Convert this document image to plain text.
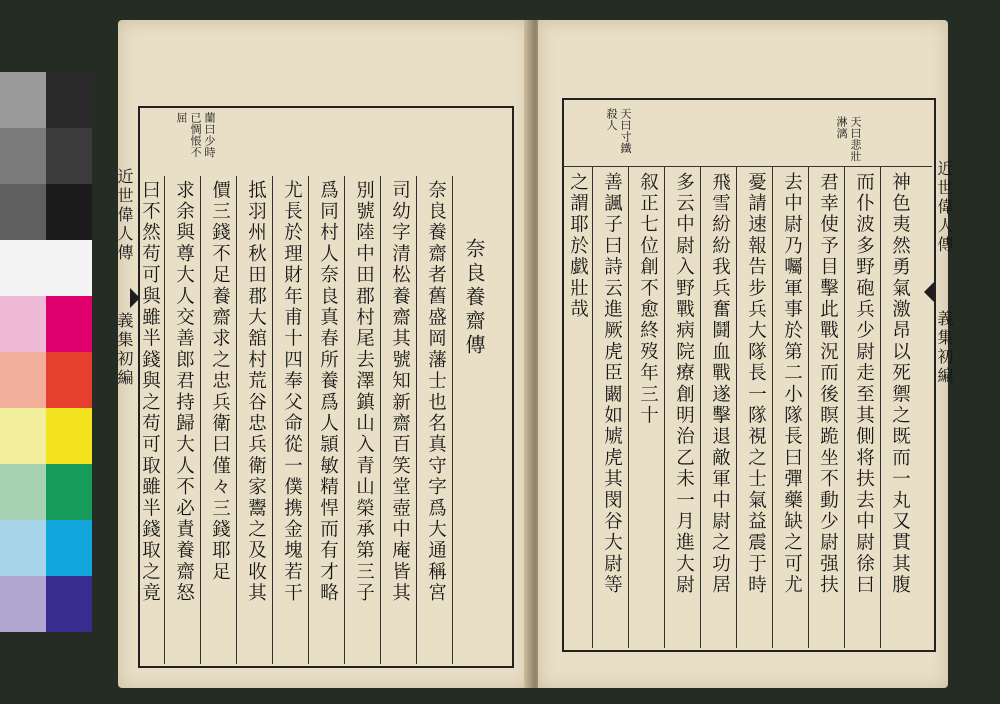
近世偉人傳
義集初編
蘭曰少時
已惆悵不
屈
奈良養齋傳
奈良養齋者舊盛岡藩士也名真守字爲大通稱宮
司幼字清松養齋其號知新齋百笑堂壺中庵皆其
別號陸中田郡村尾去澤鎮山入青山榮承第三子
爲同村人奈良真春所養爲人頴敏精悍而有才略
尤長於理財年甫十四奉父命從一僕携金塊若干
抵羽州秋田郡大舘村荒谷忠兵衛家鬻之及收其
價三錢不足養齋求之忠兵衛曰僅々三錢耶足
求余與尊大人交善郎君持歸大人不必責養齋怒
曰不然苟可與雖半錢與之苟可取雖半錢取之竟	近世偉人傳
義集初編
天曰悲壯
淋漓
天曰寸鐵
殺人
神色夷然勇氣激昂以死禦之既而一丸又貫其腹
而仆波多野砲兵少尉走至其側将扶去中尉徐曰
君幸使予目擊此戰況而後瞑跪坐不動少尉强扶
去中尉乃囑軍事於第二小隊長曰彈藥缺之可尤
憂請速報告步兵大隊長一隊視之士氣益震于時
飛雪紛紛我兵奮鬪血戰遂擊退敵軍中尉之功居
多云中尉入野戰病院療創明治乙未一月進大尉
叙正七位創不愈終歿年三十
善諷子曰詩云進厥虎臣闞如虓虎其閔谷大尉等
之謂耶於戯壯哉
